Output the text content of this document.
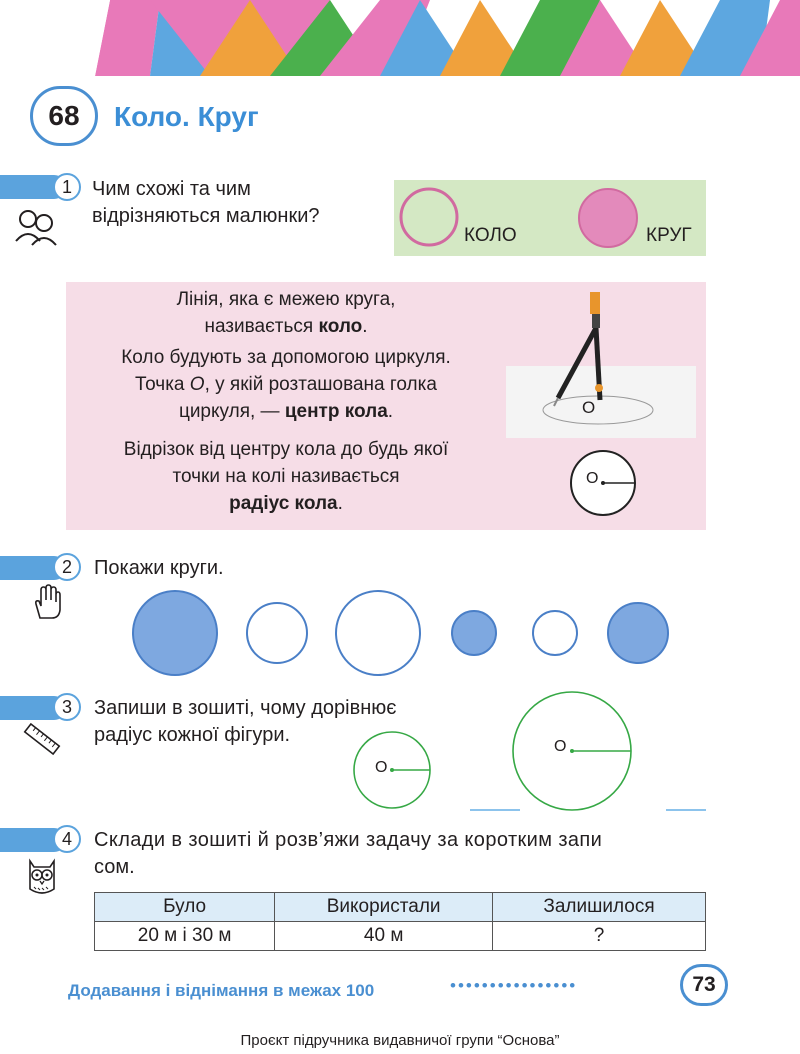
68	Коло. Круг
1	Чим схожі та чим
відрізняються малюнки?
КОЛО	КРУГ
Лінія, яка є межею круга,
називається коло.
Коло будують за допомогою циркуля.
Точка О, у якій розташована голка
циркуля, — центр кола.
Відрізок від центру кола до будь якої
точки на колі називається
радіус кола.
О
О
2	Покажи круги.
3	Запиши в зошиті, чому дорівнює
радіус кожної фігури.
О
О
4	Склади в зошиті й розв’яжи задачу за коротким запи
сом.
Було	Використали	Залишилося
20 м і 30 м	40 м	?
Додавання і віднімання в межах 100	••••••••••••••••	73
Проєкт підручника видавничої групи “Основа”
